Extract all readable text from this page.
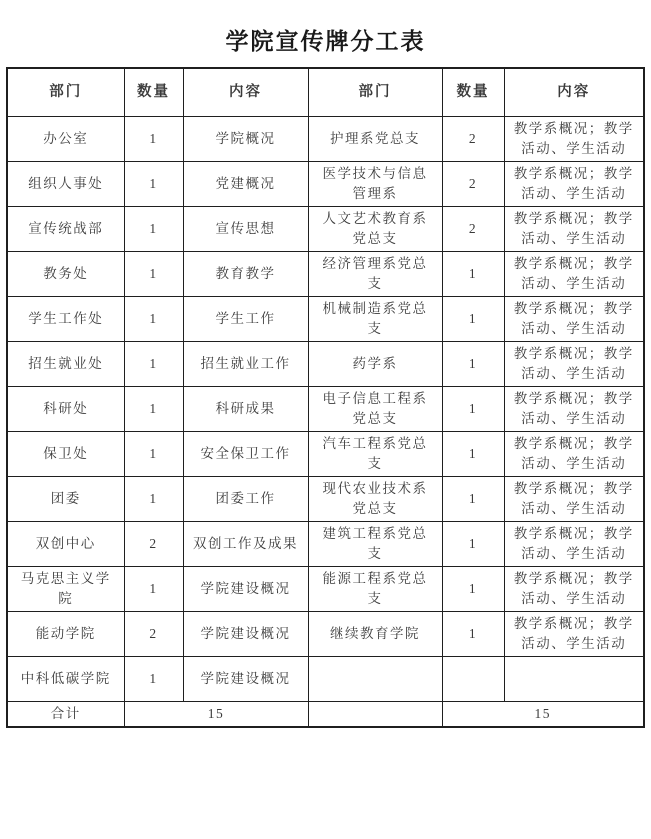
学院宣传牌分工表
部门	数量	内容	部门	数量	内容
办公室	1	学院概况	护理系党总支	2	教学系概况；教学活动、学生活动
组织人事处	1	党建概况	医学技术与信息管理系	2	教学系概况；教学活动、学生活动
宣传统战部	1	宣传思想	人文艺术教育系党总支	2	教学系概况；教学活动、学生活动
教务处	1	教育教学	经济管理系党总支	1	教学系概况；教学活动、学生活动
学生工作处	1	学生工作	机械制造系党总支	1	教学系概况；教学活动、学生活动
招生就业处	1	招生就业工作	药学系	1	教学系概况；教学活动、学生活动
科研处	1	科研成果	电子信息工程系党总支	1	教学系概况；教学活动、学生活动
保卫处	1	安全保卫工作	汽车工程系党总支	1	教学系概况；教学活动、学生活动
团委	1	团委工作	现代农业技术系党总支	1	教学系概况；教学活动、学生活动
双创中心	2	双创工作及成果	建筑工程系党总支	1	教学系概况；教学活动、学生活动
马克思主义学院	1	学院建设概况	能源工程系党总支	1	教学系概况；教学活动、学生活动
能动学院	2	学院建设概况	继续教育学院	1	教学系概况；教学活动、学生活动
中科低碳学院	1	学院建设概况			
合计	15			15	
